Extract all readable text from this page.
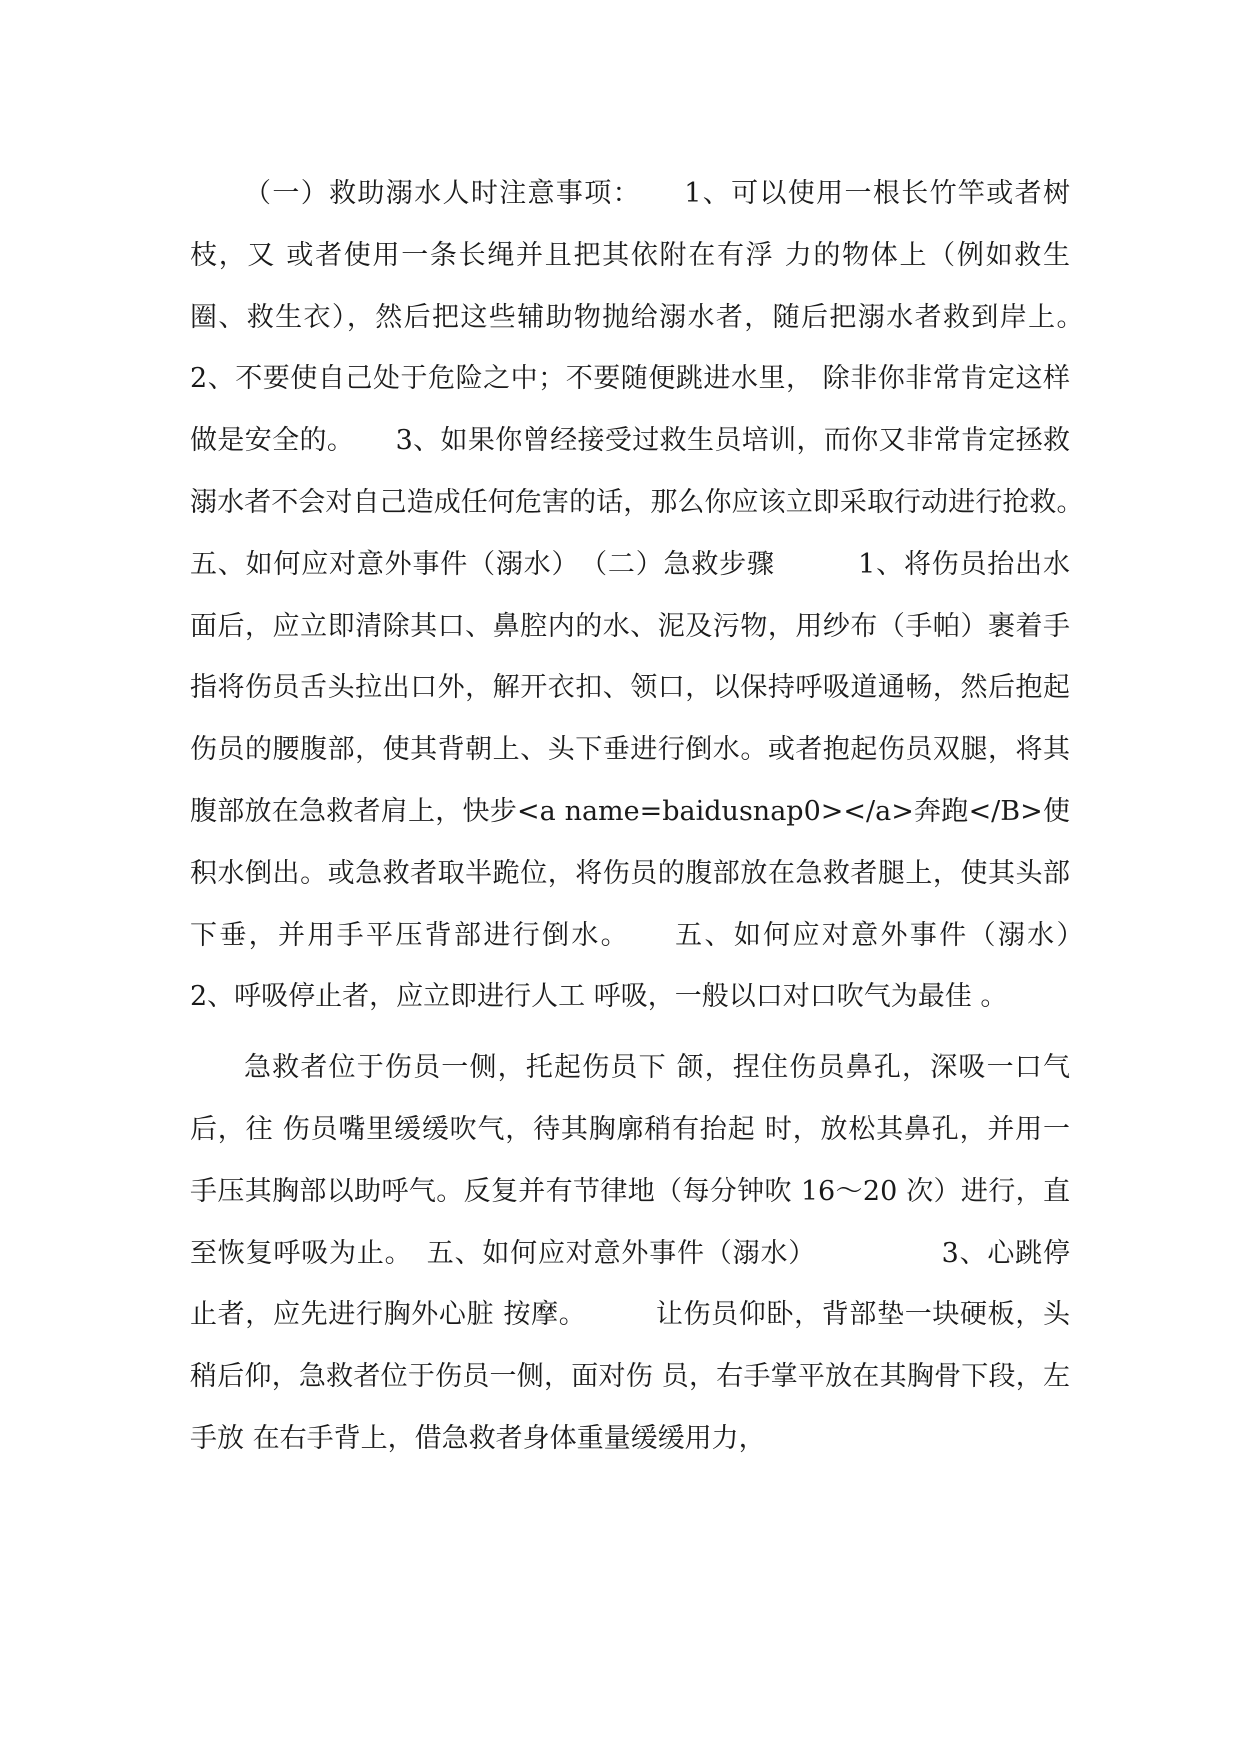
（一）救助溺水人时注意事项：　　1、可以使用一根长竹竿或者树枝，又 或者使用一条长绳并且把其依附在有浮 力的物体上（例如救生圈、救生衣），然后把这些辅助物抛给溺水者，随后把溺水者救到岸上。　　2、不要使自己处于危险之中；不要随便跳进水里， 除非你非常肯定这样做是安全的。　　3、如果你曾经接受过救生员培训，而你又非常肯定拯救溺水者不会对自己造成任何危害的话，那么你应该立即采取行动进行抢救。　五、如何应对意外事件（溺水）　（二）急救步骤　　　1、将伤员抬出水面后，应立即清除其口、鼻腔内的水、泥及污物，用纱布（手帕）裹着手指将伤员舌头拉出口外，解开衣扣、领口，以保持呼吸道通畅，然后抱起伤员的腰腹部，使其背朝上、头下垂进行倒水。或者抱起伤员双腿，将其腹部放在急救者肩上，快步<a name=baidusnap0></a>奔跑</B>使积水倒出。或急救者取半跪位，将伤员的腹部放在急救者腿上，使其头部下垂，并用手平压背部进行倒水。　　五、如何应对意外事件（溺水）　　　　2、呼吸停止者，应立即进行人工 呼吸，一般以口对口吹气为最佳 。

急救者位于伤员一侧，托起伤员下 颌，捏住伤员鼻孔，深吸一口气后，往 伤员嘴里缓缓吹气，待其胸廓稍有抬起 时，放松其鼻孔，并用一手压其胸部以助呼气。反复并有节律地（每分钟吹 16～20 次）进行，直至恢复呼吸为止。　五、如何应对意外事件（溺水）　　　　　3、心跳停止者，应先进行胸外心脏 按摩。　　　让伤员仰卧，背部垫一块硬板，头 稍后仰，急救者位于伤员一侧，面对伤 员，右手掌平放在其胸骨下段，左手放 在右手背上，借急救者身体重量缓缓用力，
